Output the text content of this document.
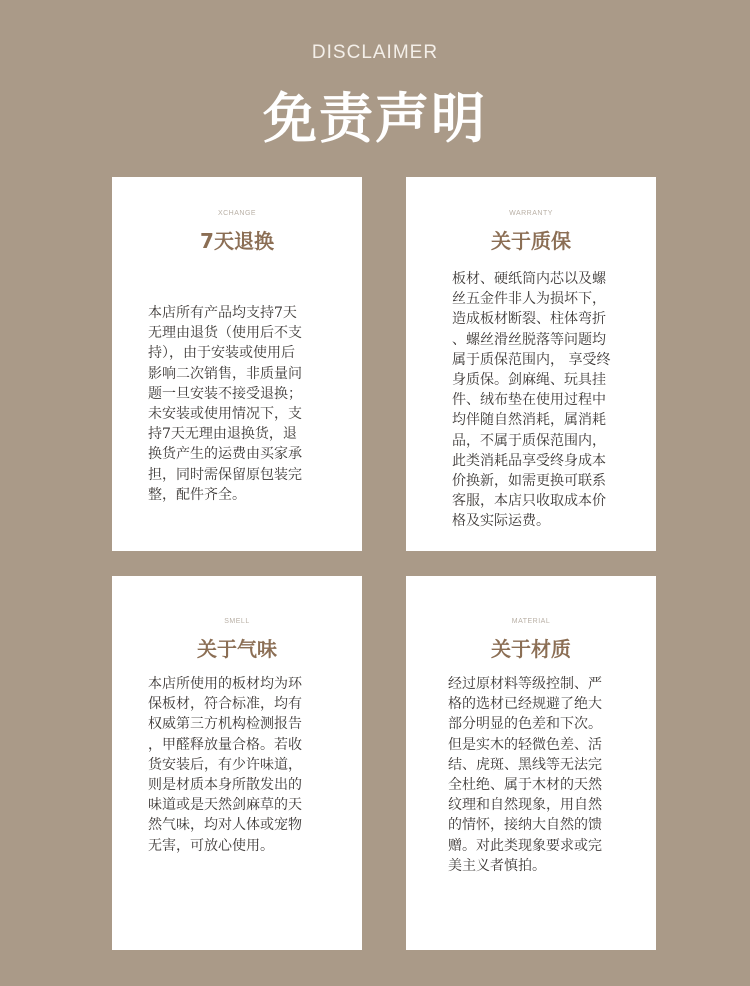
DISCLAIMER
免责声明
XCHANGE
7天退换
本店所有产品均支持7天
无理由退货（使用后不支
持），由于安装或使用后
影响二次销售，非质量问
题一旦安装不接受退换；
未安装或使用情况下，支
持7天无理由退换货，退
换货产生的运费由买家承
担，同时需保留原包装完
整，配件齐全。
WARRANTY
关于质保
板材、硬纸筒内芯以及螺
丝五金件非人为损坏下，
造成板材断裂、柱体弯折
、螺丝滑丝脱落等问题均
属于质保范围内， 享受终
身质保。剑麻绳、玩具挂
件、绒布垫在使用过程中
均伴随自然消耗，属消耗
品，不属于质保范围内，
此类消耗品享受终身成本
价换新，如需更换可联系
客服，本店只收取成本价
格及实际运费。
SMELL
关于气味
本店所使用的板材均为环
保板材，符合标准，均有
权威第三方机构检测报告
，甲醛释放量合格。若收
货安装后，有少许味道，
则是材质本身所散发出的
味道或是天然剑麻草的天
然气味，均对人体或宠物
无害，可放心使用。
MATERIAL
关于材质
经过原材料等级控制、严
格的选材已经规避了绝大
部分明显的色差和下次。
但是实木的轻微色差、活
结、虎斑、黑线等无法完
全杜绝、属于木材的天然
纹理和自然现象，用自然
的情怀，接纳大自然的馈
赠。对此类现象要求或完
美主义者慎拍。
